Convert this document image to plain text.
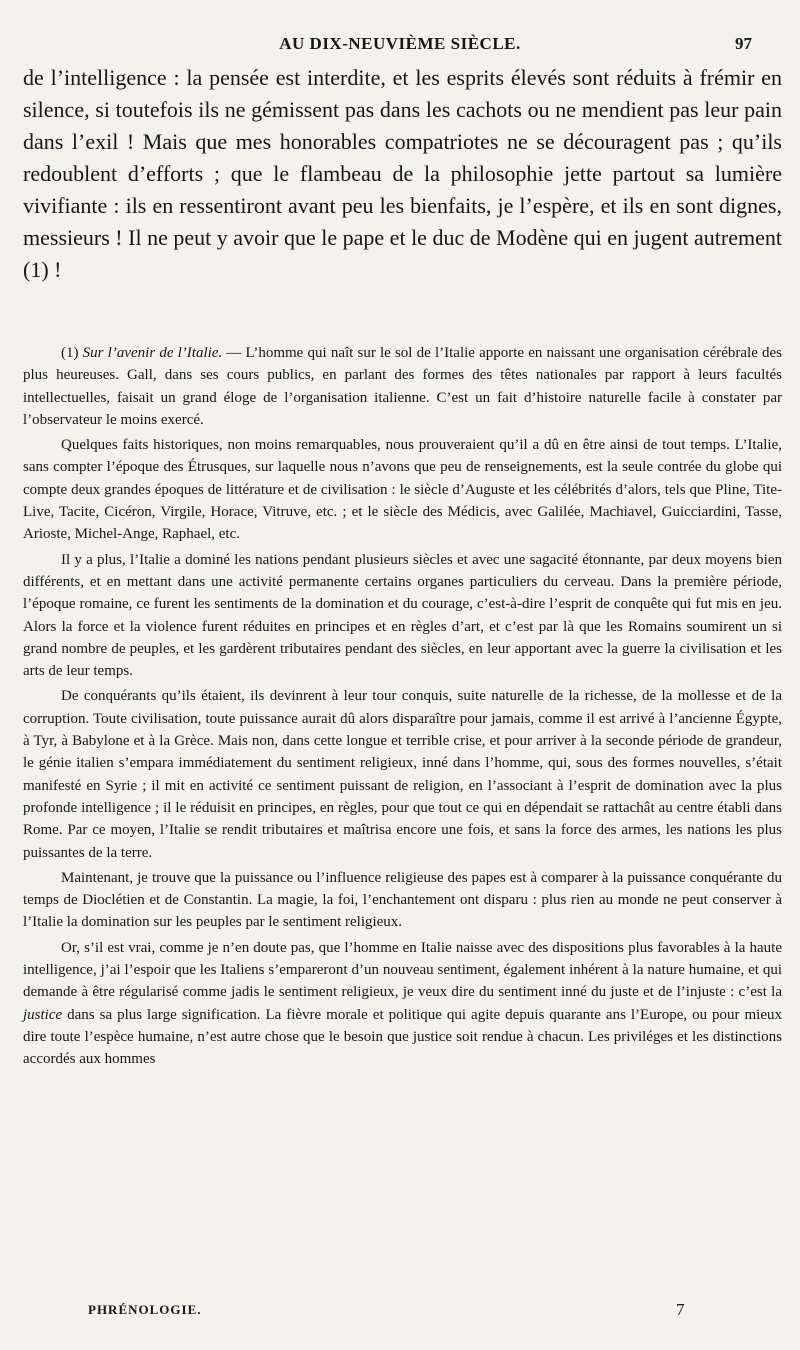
AU DIX-NEUVIÈME SIÈCLE.	97

de l’intelligence : la pensée est interdite, et les esprits élevés sont réduits à frémir en silence, si toutefois ils ne gémissent pas dans les cachots ou ne mendient pas leur pain dans l’exil ! Mais que mes honorables compatriotes ne se découragent pas ; qu’ils redoublent d’efforts ; que le flambeau de la philosophie jette partout sa lumière vivifiante : ils en ressentiront avant peu les bienfaits, je l’espère, et ils en sont dignes, messieurs ! Il ne peut y avoir que le pape et le duc de Modène qui en jugent autrement (1) !

(1) Sur l’avenir de l’Italie. — L’homme qui naît sur le sol de l’Italie apporte en naissant une organisation cérébrale des plus heureuses. Gall, dans ses cours publics, en parlant des formes des têtes nationales par rapport à leurs facultés intellectuelles, faisait un grand éloge de l’organisation italienne. C’est un fait d’histoire naturelle facile à constater par l’observateur le moins exercé.

Quelques faits historiques, non moins remarquables, nous prouveraient qu’il a dû en être ainsi de tout temps. L’Italie, sans compter l’époque des Étrusques, sur laquelle nous n’avons que peu de renseignements, est la seule contrée du globe qui compte deux grandes époques de littérature et de civilisation : le siècle d’Auguste et les célébrités d’alors, tels que Pline, Tite-Live, Tacite, Cicéron, Virgile, Horace, Vitruve, etc. ; et le siècle des Médicis, avec Galilée, Machiavel, Guicciardini, Tasse, Arioste, Michel-Ange, Raphael, etc.

Il y a plus, l’Italie a dominé les nations pendant plusieurs siècles et avec une sagacité étonnante, par deux moyens bien différents, et en mettant dans une activité permanente certains organes particuliers du cerveau. Dans la première période, l’époque romaine, ce furent les sentiments de la domination et du courage, c’est-à-dire l’esprit de conquête qui fut mis en jeu. Alors la force et la violence furent réduites en principes et en règles d’art, et c’est par là que les Romains soumirent un si grand nombre de peuples, et les gardèrent tributaires pendant des siècles, en leur apportant avec la guerre la civilisation et les arts de leur temps.

De conquérants qu’ils étaient, ils devinrent à leur tour conquis, suite naturelle de la richesse, de la mollesse et de la corruption. Toute civilisation, toute puissance aurait dû alors disparaître pour jamais, comme il est arrivé à l’ancienne Égypte, à Tyr, à Babylone et à la Grèce. Mais non, dans cette longue et terrible crise, et pour arriver à la seconde période de grandeur, le génie italien s’empara immédiatement du sentiment religieux, inné dans l’homme, qui, sous des formes nouvelles, s’était manifesté en Syrie ; il mit en activité ce sentiment puissant de religion, en l’associant à l’esprit de domination avec la plus profonde intelligence ; il le réduisit en principes, en règles, pour que tout ce qui en dépendait se rattachât au centre établi dans Rome. Par ce moyen, l’Italie se rendit tributaires et maîtrisa encore une fois, et sans la force des armes, les nations les plus puissantes de la terre.

Maintenant, je trouve que la puissance ou l’influence religieuse des papes est à comparer à la puissance conquérante du temps de Dioclétien et de Constantin. La magie, la foi, l’enchantement ont disparu : plus rien au monde ne peut conserver à l’Italie la domination sur les peuples par le sentiment religieux.

Or, s’il est vrai, comme je n’en doute pas, que l’homme en Italie naisse avec des dispositions plus favorables à la haute intelligence, j’ai l’espoir que les Italiens s’empareront d’un nouveau sentiment, également inhérent à la nature humaine, et qui demande à être régularisé comme jadis le sentiment religieux, je veux dire du sentiment inné du juste et de l’injuste : c’est la justice dans sa plus large signification. La fièvre morale et politique qui agite depuis quarante ans l’Europe, ou pour mieux dire toute l’espèce humaine, n’est autre chose que le besoin que justice soit rendue à chacun. Les priviléges et les distinctions accordés aux hommes

PHRÉNOLOGIE.	7
